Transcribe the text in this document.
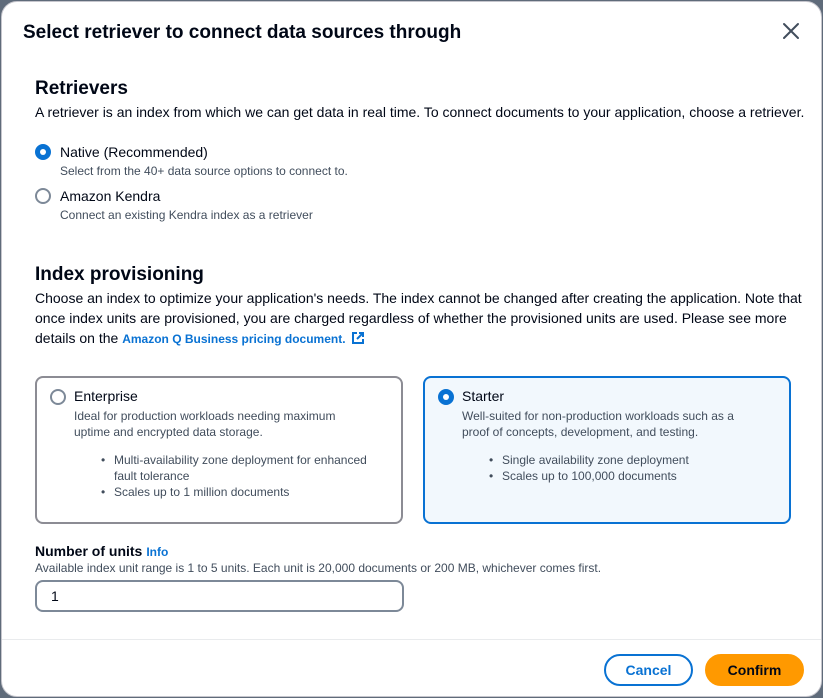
Select retriever to connect data sources through
Retrievers
A retriever is an index from which we can get data in real time. To connect documents to your application, choose a retriever.
Native (Recommended)
Select from the 40+ data source options to connect to.
Amazon Kendra
Connect an existing Kendra index as a retriever
Index provisioning
Choose an index to optimize your application's needs. The index cannot be changed after creating the application. Note that once index units are provisioned, you are charged regardless of whether the provisioned units are used. Please see more details on the Amazon Q Business pricing document.
Enterprise
Ideal for production workloads needing maximum uptime and encrypted data storage.
• Multi-availability zone deployment for enhanced fault tolerance
• Scales up to 1 million documents
Starter
Well-suited for non-production workloads such as a proof of concepts, development, and testing.
• Single availability zone deployment
• Scales up to 100,000 documents
Number of units Info
Available index unit range is 1 to 5 units. Each unit is 20,000 documents or 200 MB, whichever comes first.
1
Cancel	Confirm
